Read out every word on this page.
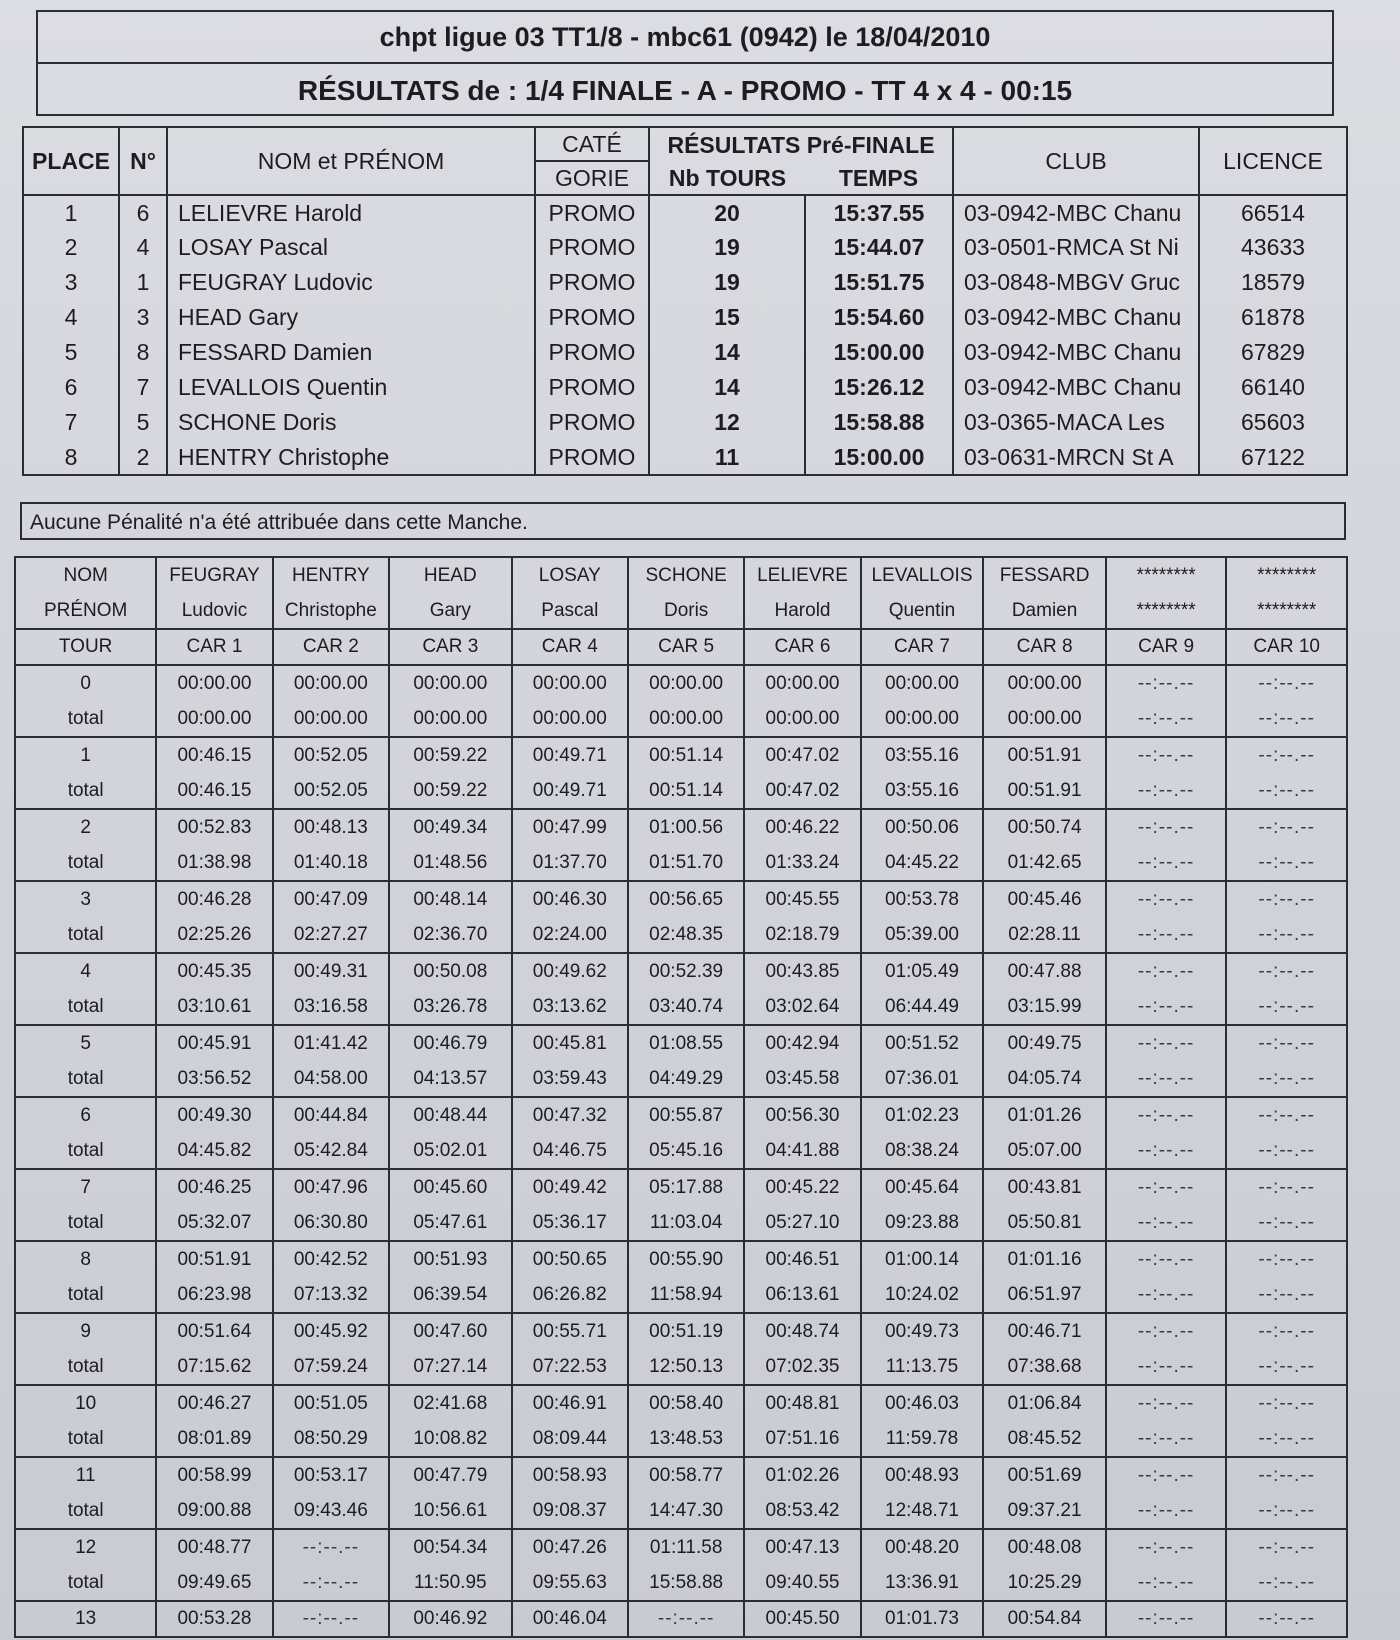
chpt ligue 03 TT1/8 - mbc61 (0942) le 18/04/2010
RÉSULTATS de : 1/4 FINALE - A - PROMO - TT 4 x 4 - 00:15
PLACE	N°	NOM et PRÉNOM	CATÉ	RÉSULTATS Pré-FINALE		CLUB	LICENCE
			GORIE	Nb TOURS	TEMPS		
1	6	LELIEVRE Harold	PROMO	20	15:37.55	03-0942-MBC Chanu	66514
2	4	LOSAY Pascal	PROMO	19	15:44.07	03-0501-RMCA St Ni	43633
3	1	FEUGRAY Ludovic	PROMO	19	15:51.75	03-0848-MBGV Gruc	18579
4	3	HEAD Gary	PROMO	15	15:54.60	03-0942-MBC Chanu	61878
5	8	FESSARD Damien	PROMO	14	15:00.00	03-0942-MBC Chanu	67829
6	7	LEVALLOIS Quentin	PROMO	14	15:26.12	03-0942-MBC Chanu	66140
7	5	SCHONE Doris	PROMO	12	15:58.88	03-0365-MACA Les	65603
8	2	HENTRY Christophe	PROMO	11	15:00.00	03-0631-MRCN St A	67122
Aucune Pénalité n'a été attribuée dans cette Manche.
NOM	FEUGRAY	HENTRY	HEAD	LOSAY	SCHONE	LELIEVRE	LEVALLOIS	FESSARD	********	********
PRÉNOM	Ludovic	Christophe	Gary	Pascal	Doris	Harold	Quentin	Damien	********	********
TOUR	CAR 1	CAR 2	CAR 3	CAR 4	CAR 5	CAR 6	CAR 7	CAR 8	CAR 9	CAR 10
0	00:00.00	00:00.00	00:00.00	00:00.00	00:00.00	00:00.00	00:00.00	00:00.00	--:--.--	--:--.--
total	00:00.00	00:00.00	00:00.00	00:00.00	00:00.00	00:00.00	00:00.00	00:00.00	--:--.--	--:--.--
1	00:46.15	00:52.05	00:59.22	00:49.71	00:51.14	00:47.02	03:55.16	00:51.91	--:--.--	--:--.--
total	00:46.15	00:52.05	00:59.22	00:49.71	00:51.14	00:47.02	03:55.16	00:51.91	--:--.--	--:--.--
2	00:52.83	00:48.13	00:49.34	00:47.99	01:00.56	00:46.22	00:50.06	00:50.74	--:--.--	--:--.--
total	01:38.98	01:40.18	01:48.56	01:37.70	01:51.70	01:33.24	04:45.22	01:42.65	--:--.--	--:--.--
3	00:46.28	00:47.09	00:48.14	00:46.30	00:56.65	00:45.55	00:53.78	00:45.46	--:--.--	--:--.--
total	02:25.26	02:27.27	02:36.70	02:24.00	02:48.35	02:18.79	05:39.00	02:28.11	--:--.--	--:--.--
4	00:45.35	00:49.31	00:50.08	00:49.62	00:52.39	00:43.85	01:05.49	00:47.88	--:--.--	--:--.--
total	03:10.61	03:16.58	03:26.78	03:13.62	03:40.74	03:02.64	06:44.49	03:15.99	--:--.--	--:--.--
5	00:45.91	01:41.42	00:46.79	00:45.81	01:08.55	00:42.94	00:51.52	00:49.75	--:--.--	--:--.--
total	03:56.52	04:58.00	04:13.57	03:59.43	04:49.29	03:45.58	07:36.01	04:05.74	--:--.--	--:--.--
6	00:49.30	00:44.84	00:48.44	00:47.32	00:55.87	00:56.30	01:02.23	01:01.26	--:--.--	--:--.--
total	04:45.82	05:42.84	05:02.01	04:46.75	05:45.16	04:41.88	08:38.24	05:07.00	--:--.--	--:--.--
7	00:46.25	00:47.96	00:45.60	00:49.42	05:17.88	00:45.22	00:45.64	00:43.81	--:--.--	--:--.--
total	05:32.07	06:30.80	05:47.61	05:36.17	11:03.04	05:27.10	09:23.88	05:50.81	--:--.--	--:--.--
8	00:51.91	00:42.52	00:51.93	00:50.65	00:55.90	00:46.51	01:00.14	01:01.16	--:--.--	--:--.--
total	06:23.98	07:13.32	06:39.54	06:26.82	11:58.94	06:13.61	10:24.02	06:51.97	--:--.--	--:--.--
9	00:51.64	00:45.92	00:47.60	00:55.71	00:51.19	00:48.74	00:49.73	00:46.71	--:--.--	--:--.--
total	07:15.62	07:59.24	07:27.14	07:22.53	12:50.13	07:02.35	11:13.75	07:38.68	--:--.--	--:--.--
10	00:46.27	00:51.05	02:41.68	00:46.91	00:58.40	00:48.81	00:46.03	01:06.84	--:--.--	--:--.--
total	08:01.89	08:50.29	10:08.82	08:09.44	13:48.53	07:51.16	11:59.78	08:45.52	--:--.--	--:--.--
11	00:58.99	00:53.17	00:47.79	00:58.93	00:58.77	01:02.26	00:48.93	00:51.69	--:--.--	--:--.--
total	09:00.88	09:43.46	10:56.61	09:08.37	14:47.30	08:53.42	12:48.71	09:37.21	--:--.--	--:--.--
12	00:48.77	--:--.--	00:54.34	00:47.26	01:11.58	00:47.13	00:48.20	00:48.08	--:--.--	--:--.--
total	09:49.65	--:--.--	11:50.95	09:55.63	15:58.88	09:40.55	13:36.91	10:25.29	--:--.--	--:--.--
13	00:53.28	--:--.--	00:46.92	00:46.04	--:--.--	00:45.50	01:01.73	00:54.84	--:--.--	--:--.--
